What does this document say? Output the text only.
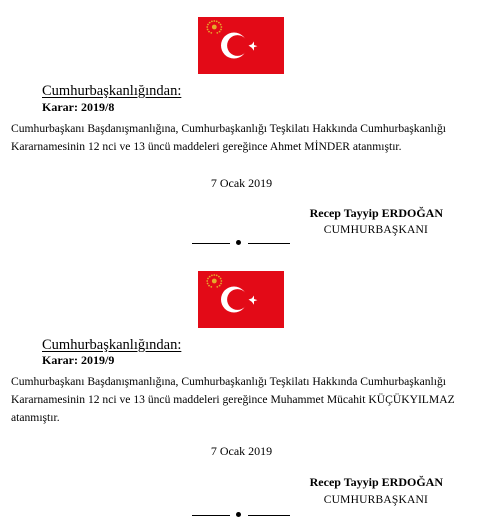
Cumhurbaşkanlığından:
Karar: 2019/8
Cumhurbaşkanı Başdanışmanlığına, Cumhurbaşkanlığı Teşkilatı Hakkında Cumhurbaşkanlığı
Kararnamesinin 12 nci ve 13 üncü maddeleri gereğince Ahmet MİNDER atanmıştır.
7 Ocak 2019
Recep Tayyip ERDOĞAN
CUMHURBAŞKANI
Cumhurbaşkanlığından:
Karar: 2019/9
Cumhurbaşkanı Başdanışmanlığına, Cumhurbaşkanlığı Teşkilatı Hakkında Cumhurbaşkanlığı
Kararnamesinin 12 nci ve 13 üncü maddeleri gereğince Muhammet Mücahit KÜÇÜKYILMAZ
atanmıştır.
7 Ocak 2019
Recep Tayyip ERDOĞAN
CUMHURBAŞKANI
